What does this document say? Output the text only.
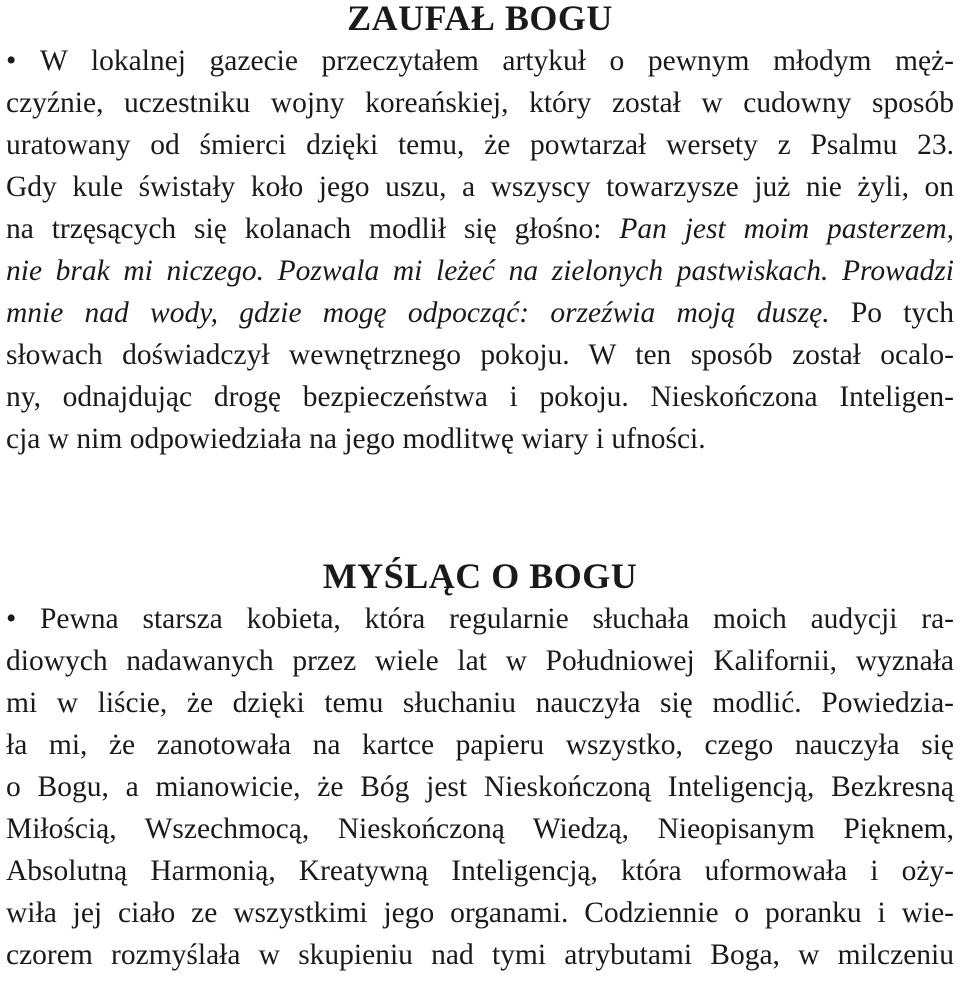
ZAUFAŁ BOGU

• W lokalnej gazecie przeczytałem artykuł o pewnym młodym męż-

czyźnie, uczestniku wojny koreańskiej, który został w cudowny sposób

uratowany od śmierci dzięki temu, że powtarzał wersety z Psalmu 23.

Gdy kule świstały koło jego uszu, a wszyscy towarzysze już nie żyli, on

na trzęsących się kolanach modlił się głośno: Pan jest moim pasterzem,

nie brak mi niczego. Pozwala mi leżeć na zielonych pastwiskach. Prowadzi

mnie nad wody, gdzie mogę odpocząć: orzeźwia moją duszę. Po tych

słowach doświadczył wewnętrznego pokoju. W ten sposób został ocalo-

ny, odnajdując drogę bezpieczeństwa i pokoju. Nieskończona Inteligen-

cja w nim odpowiedziała na jego modlitwę wiary i ufności.

MYŚLĄC O BOGU

• Pewna starsza kobieta, która regularnie słuchała moich audycji ra-

diowych nadawanych przez wiele lat w Południowej Kalifornii, wyznała

mi w liście, że dzięki temu słuchaniu nauczyła się modlić. Powiedzia-

ła mi, że zanotowała na kartce papieru wszystko, czego nauczyła się

o Bogu, a mianowicie, że Bóg jest Nieskończoną Inteligencją, Bezkresną

Miłością, Wszechmocą, Nieskończoną Wiedzą, Nieopisanym Pięknem,

Absolutną Harmonią, Kreatywną Inteligencją, która uformowała i oży-

wiła jej ciało ze wszystkimi jego organami. Codziennie o poranku i wie-

czorem rozmyślała w skupieniu nad tymi atrybutami Boga, w milczeniu
